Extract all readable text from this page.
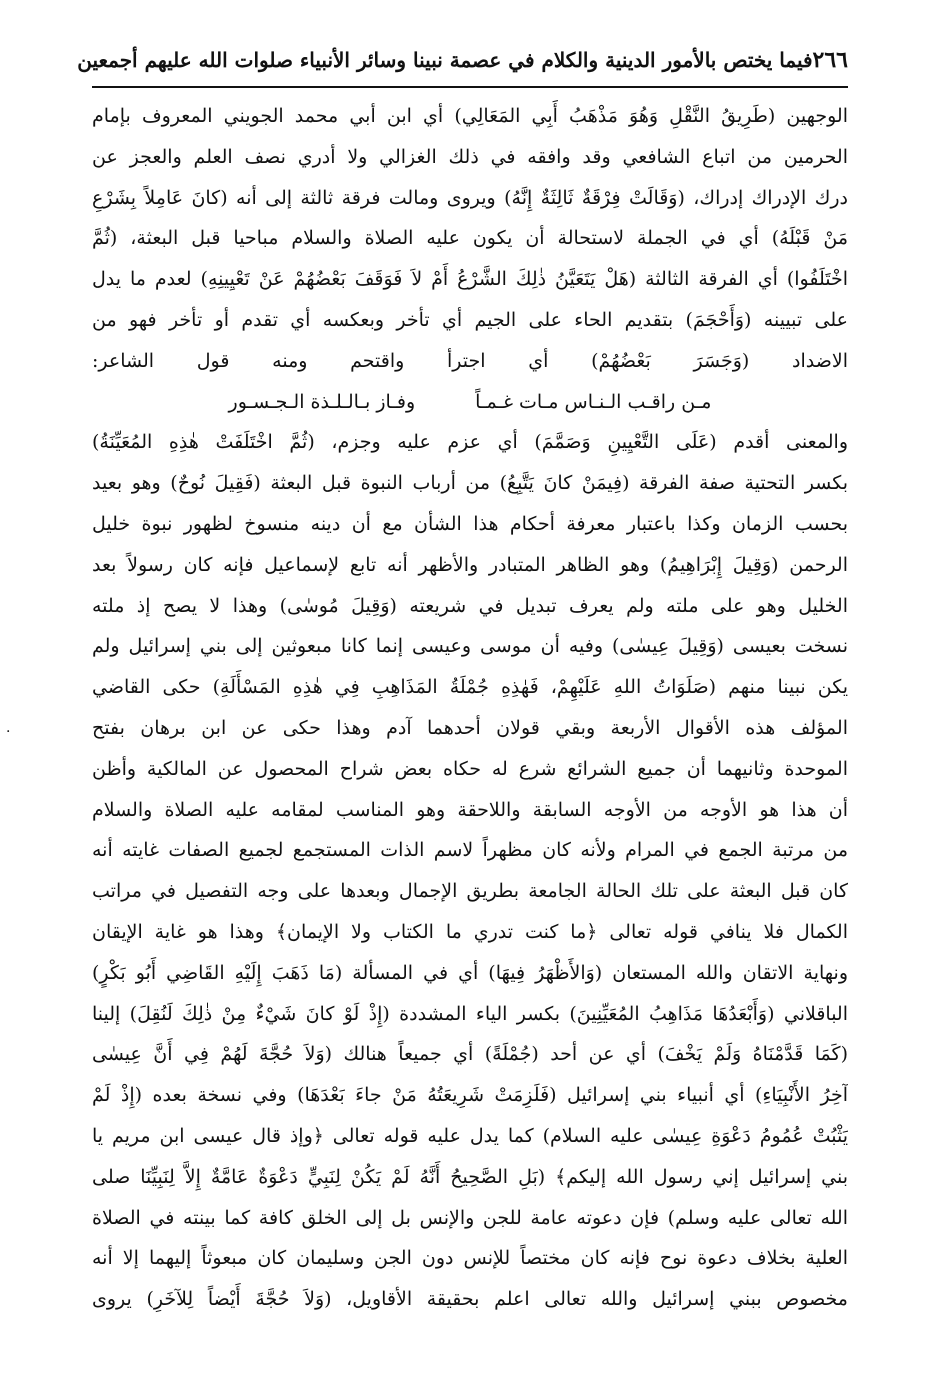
٢٦٦
فيما يختص بالأمور الدينية والكلام في عصمة نبينا وسائر الأنبياء صلوات الله عليهم أجمعين
الوجهين (طَرِيقُ النَّقْلِ وَهُوَ مَذْهَبُ أَبِي المَعَالِي) أي ابن أبي محمد الجويني المعروف بإمام
الحرمين من اتباع الشافعي وقد وافقه في ذلك الغزالي ولا أدري نصف العلم والعجز عن
درك الإدراك إدراك، (وَقَالَتْ فِرْقَةٌ ثَالِثَةٌ إِنَّهُ) ويروى ومالت فرقة ثالثة إلى أنه (كانَ عَامِلاً بِشَرْعِ
مَنْ قَبْلَهُ) أي في الجملة لاستحالة أن يكون عليه الصلاة والسلام مباحيا قبل البعثة، (ثُمَّ
اخْتَلَفُوا) أي الفرقة الثالثة (هَلْ يَتَعَيَّنُ ذٰلِكَ الشَّرْعُ أَمْ لاَ فَوَقَفَ بَعْضُهُمْ عَنْ تَعْيِينِهِ) لعدم ما يدل
على تبيينه (وَأَحْجَمَ) بتقديم الحاء على الجيم أي تأخر وبعكسه أي تقدم أو تأخر فهو من
الاضداد (وَجَسَرَ بَعْضُهُمْ) أي اجترأ واقتحم ومنه قول الشاعر:
مـن راقـب الـنـاس مـات غـمـاً
وفـاز بـالـلـذة الـجـسـور
والمعنى أقدم (عَلَى التَّعْيِينِ وَصَمَّمَ) أي عزم عليه وجزم، (ثُمَّ اخْتَلَفَتْ هٰذِهِ المُعَيِّنَةُ)
بكسر التحتية صفة الفرقة (فِيمَنْ كانَ يَتَّبِعُ) من أرباب النبوة قبل البعثة (فَقِيلَ نُوحٌ) وهو بعيد
بحسب الزمان وكذا باعتبار معرفة أحكام هذا الشأن مع أن دينه منسوخ لظهور نبوة خليل
الرحمن (وَقِيلَ إِبْرَاهِيمُ) وهو الظاهر المتبادر والأظهر أنه تابع لإسماعيل فإنه كان رسولاً بعد
الخليل وهو على ملته ولم يعرف تبديل في شريعته (وَقِيلَ مُوسٰى) وهذا لا يصح إذ ملته
نسخت بعيسى (وَقِيلَ عِيسٰى) وفيه أن موسى وعيسى إنما كانا مبعوثين إلى بني إسرائيل ولم
يكن نبينا منهم (صَلَوَاتُ اللهِ عَلَيْهِمْ، فَهٰذِهِ جُمْلَةُ المَذَاهِبِ فِي هٰذِهِ المَسْأَلَةِ) حكى القاضي
المؤلف هذه الأقوال الأربعة وبقي قولان أحدهما آدم وهذا حكى عن ابن برهان بفتح
الموحدة وثانيهما أن جميع الشرائع شرع له حكاه بعض شراح المحصول عن المالكية وأظن
أن هذا هو الأوجه من الأوجه السابقة واللاحقة وهو المناسب لمقامه عليه الصلاة والسلام
من مرتبة الجمع في المرام ولأنه كان مظهراً لاسم الذات المستجمع لجميع الصفات غايته أنه
كان قبل البعثة على تلك الحالة الجامعة بطريق الإجمال وبعدها على وجه التفصيل في مراتب
الكمال فلا ينافي قوله تعالى ﴿ما كنت تدري ما الكتاب ولا الإيمان﴾ وهذا هو غاية الإيقان
ونهاية الاتقان والله المستعان (وَالأَظْهَرُ فِيهَا) أي في المسألة (مَا ذَهَبَ إِلَيْهِ القَاضِي أَبُو بَكْرٍ)
الباقلاني (وَأَبْعَدُهَا مَذَاهِبُ المُعَيِّنِينَ) بكسر الياء المشددة (إِذْ لَوْ كانَ شَيْءٌ مِنْ ذٰلِكَ لَنُقِلَ) إلينا
(كَمَا قَدَّمْنَاهُ وَلَمْ يَخْفَ) أي عن أحد (جُمْلَةً) أي جميعاً هنالك (وَلاَ حُجَّةَ لَهُمْ فِي أَنَّ عِيسٰى
آخِرُ الأَنْبِيَاءِ) أي أنبياء بني إسرائيل (فَلَزِمَتْ شَرِيعَتُهُ مَنْ جاءَ بَعْدَهَا) وفي نسخة بعده (إِذْ لَمْ
يَثْبُتْ عُمُومُ دَعْوَةِ عِيسٰى عليه السلام) كما يدل عليه قوله تعالى ﴿وإذ قال عيسى ابن مريم يا
بني إسرائيل إني رسول الله إليكم﴾ (بَلِ الصَّحِيحُ أَنَّهُ لَمْ يَكُنْ لِنَبِيٍّ دَعْوَةٌ عَامَّةٌ إِلاَّ لِنَبِيِّنَا صلى
الله تعالى عليه وسلم) فإن دعوته عامة للجن والإنس بل إلى الخلق كافة كما بينته في الصلاة
العلية بخلاف دعوة نوح فإنه كان مختصاً للإنس دون الجن وسليمان كان مبعوثاً إليهما إلا أنه
مخصوص ببني إسرائيل والله تعالى اعلم بحقيقة الأقاويل، (وَلاَ حُجَّةَ أَيْضاً لِلآخَرِ) يروى
·
